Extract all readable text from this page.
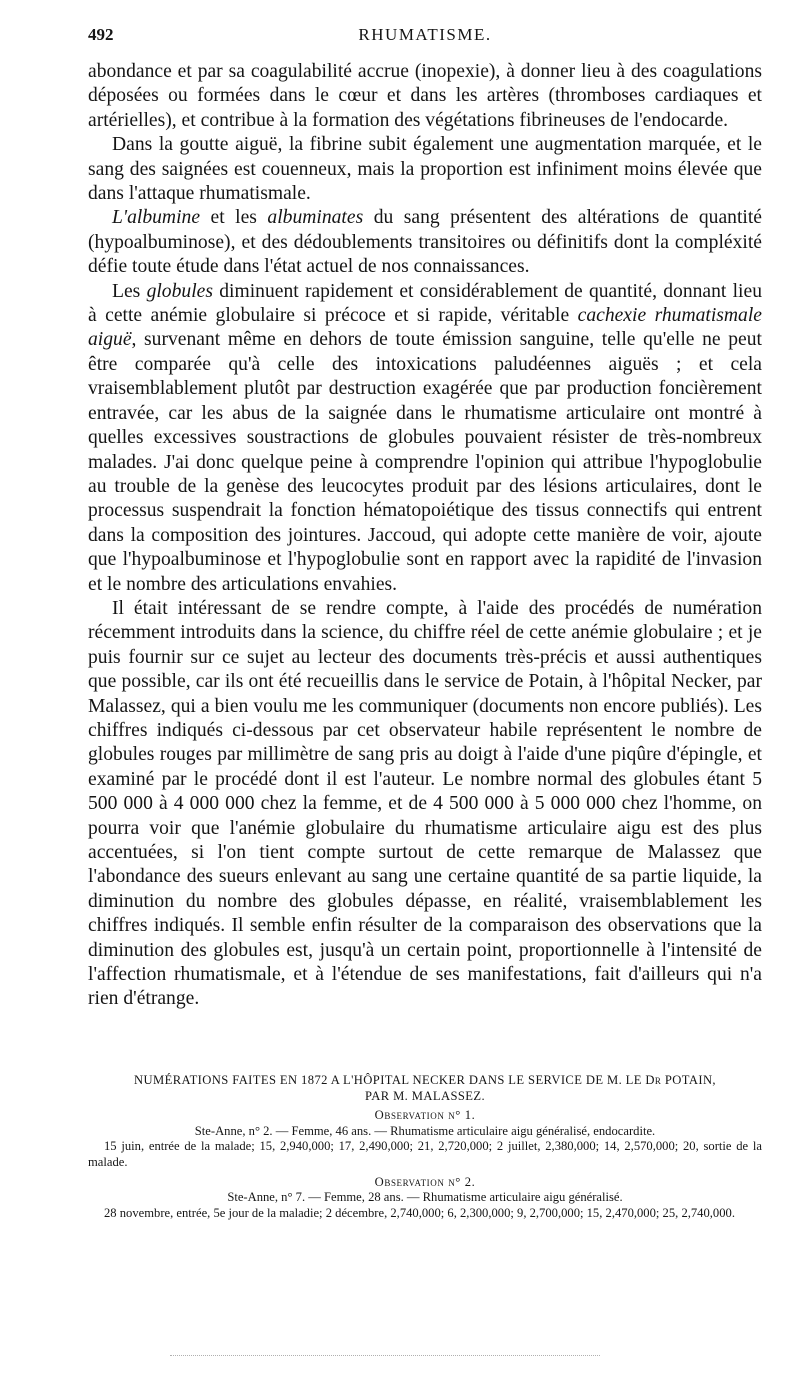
492	RHUMATISME.

abondance et par sa coagulabilité accrue (inopexie), à donner lieu à des coagulations déposées ou formées dans le cœur et dans les artères (thromboses cardiaques et artérielles), et contribue à la formation des végétations fibrineuses de l'endocarde.

Dans la goutte aiguë, la fibrine subit également une augmentation marquée, et le sang des saignées est couenneux, mais la proportion est infiniment moins élevée que dans l'attaque rhumatismale.

L'albumine et les albuminates du sang présentent des altérations de quantité (hypoalbuminose), et des dédoublements transitoires ou définitifs dont la compléxité défie toute étude dans l'état actuel de nos connaissances.

Les globules diminuent rapidement et considérablement de quantité, donnant lieu à cette anémie globulaire si précoce et si rapide, véritable cachexie rhumatismale aiguë, survenant même en dehors de toute émission sanguine, telle qu'elle ne peut être comparée qu'à celle des intoxications paludéennes aiguës ; et cela vraisemblablement plutôt par destruction exagérée que par production foncièrement entravée, car les abus de la saignée dans le rhumatisme articulaire ont montré à quelles excessives soustractions de globules pouvaient résister de très-nombreux malades. J'ai donc quelque peine à comprendre l'opinion qui attribue l'hypoglobulie au trouble de la genèse des leucocytes produit par des lésions articulaires, dont le processus suspendrait la fonction hématopoiétique des tissus connectifs qui entrent dans la composition des jointures. Jaccoud, qui adopte cette manière de voir, ajoute que l'hypoalbuminose et l'hypoglobulie sont en rapport avec la rapidité de l'invasion et le nombre des articulations envahies.

Il était intéressant de se rendre compte, à l'aide des procédés de numération récemment introduits dans la science, du chiffre réel de cette anémie globulaire ; et je puis fournir sur ce sujet au lecteur des documents très-précis et aussi authentiques que possible, car ils ont été recueillis dans le service de Potain, à l'hôpital Necker, par Malassez, qui a bien voulu me les communiquer (documents non encore publiés). Les chiffres indiqués ci-dessous par cet observateur habile représentent le nombre de globules rouges par millimètre de sang pris au doigt à l'aide d'une piqûre d'épingle, et examiné par le procédé dont il est l'auteur. Le nombre normal des globules étant 5 500 000 à 4 000 000 chez la femme, et de 4 500 000 à 5 000 000 chez l'homme, on pourra voir que l'anémie globulaire du rhumatisme articulaire aigu est des plus accentuées, si l'on tient compte surtout de cette remarque de Malassez que l'abondance des sueurs enlevant au sang une certaine quantité de sa partie liquide, la diminution du nombre des globules dépasse, en réalité, vraisemblablement les chiffres indiqués. Il semble enfin résulter de la comparaison des observations que la diminution des globules est, jusqu'à un certain point, proportionnelle à l'intensité de l'affection rhumatismale, et à l'étendue de ses manifestations, fait d'ailleurs qui n'a rien d'étrange.

NUMÉRATIONS FAITES EN 1872 A L'HÔPITAL NECKER DANS LE SERVICE DE M. LE Dr POTAIN,
PAR M. MALASSEZ.
Observation n° 1.
Ste-Anne, n° 2. — Femme, 46 ans. — Rhumatisme articulaire aigu généralisé, endocardite.
15 juin, entrée de la malade; 15, 2,940,000; 17, 2,490,000; 21, 2,720,000; 2 juillet, 2,380,000; 14, 2,570,000; 20, sortie de la malade.
Observation n° 2.
Ste-Anne, n° 7. — Femme, 28 ans. — Rhumatisme articulaire aigu généralisé.
28 novembre, entrée, 5e jour de la maladie; 2 décembre, 2,740,000; 6, 2,300,000; 9, 2,700,000; 15, 2,470,000; 25, 2,740,000.
